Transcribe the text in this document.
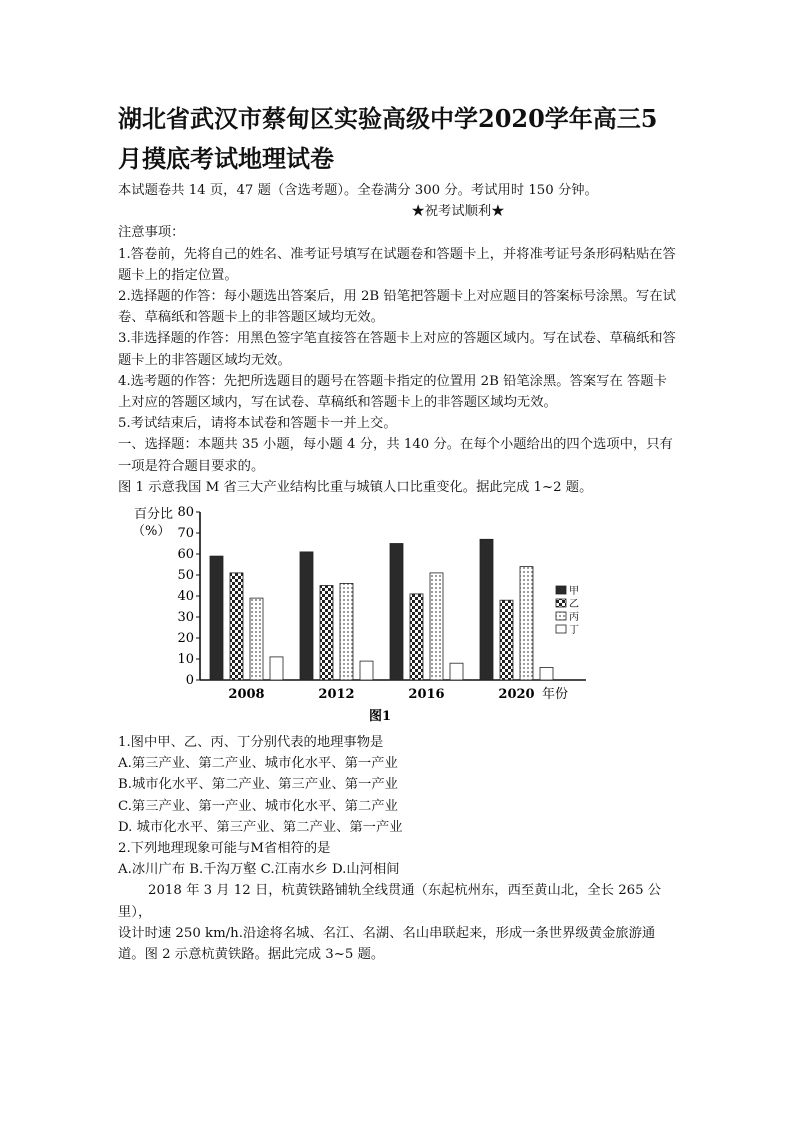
湖北省武汉市蔡甸区实验高级中学2020学年高三5
月摸底考试地理试卷

本试题卷共 14 页，47 题（含选考题）。全卷满分 300 分。考试用时 150 分钟。

★祝考试顺利★

注意事项：

1.答卷前，先将自己的姓名、准考证号填写在试题卷和答题卡上，并将准考证号条形码粘贴在答题卡上的指定位置。

2.选择题的作答：每小题选出答案后，用 2B 铅笔把答题卡上对应题目的答案标号涂黑。写在试卷、草稿纸和答题卡上的非答题区域均无效。

3.非选择题的作答：用黑色签字笔直接答在答题卡上对应的答题区域内。写在试卷、草稿纸和答题卡上的非答题区域均无效。

4.选考题的作答：先把所选题目的题号在答题卡指定的位置用 2B 铅笔涂黑。答案写在 答题卡上对应的答题区域内，写在试卷、草稿纸和答题卡上的非答题区域均无效。

5.考试结束后，请将本试卷和答题卡一并上交。

一、选择题：本题共 35 小题，每小题 4 分，共 140 分。在每个小题给出的四个选项中，只有一项是符合题目要求的。

图 1 示意我国 M 省三大产业结构比重与城镇人口比重变化。据此完成 1~2 题。

0
10
20
30
40
50
60
70
80
百分比
（%）
2008	2012	2016	2020 年份
图1
甲
乙
丙
丁

1.图中甲、乙、丙、丁分别代表的地理事物是

A.第三产业、第二产业、城市化水平、第一产业

B.城市化水平、第二产业、第三产业、第一产业

C.第三产业、第一产业、城市化水平、第二产业

D. 城市化水平、第三产业、第二产业、第一产业

2.下列地理现象可能与M省相符的是

A.冰川广布 B.千沟万壑 C.江南水乡 D.山河相间

2018 年 3 月 12 日，杭黄铁路铺轨全线贯通（东起杭州东，西至黄山北，全长 265 公里），

设计时速 250 km/h.沿途将名城、名江、名湖、名山串联起来，形成一条世界级黄金旅游通道。图 2 示意杭黄铁路。据此完成 3~5 题。
